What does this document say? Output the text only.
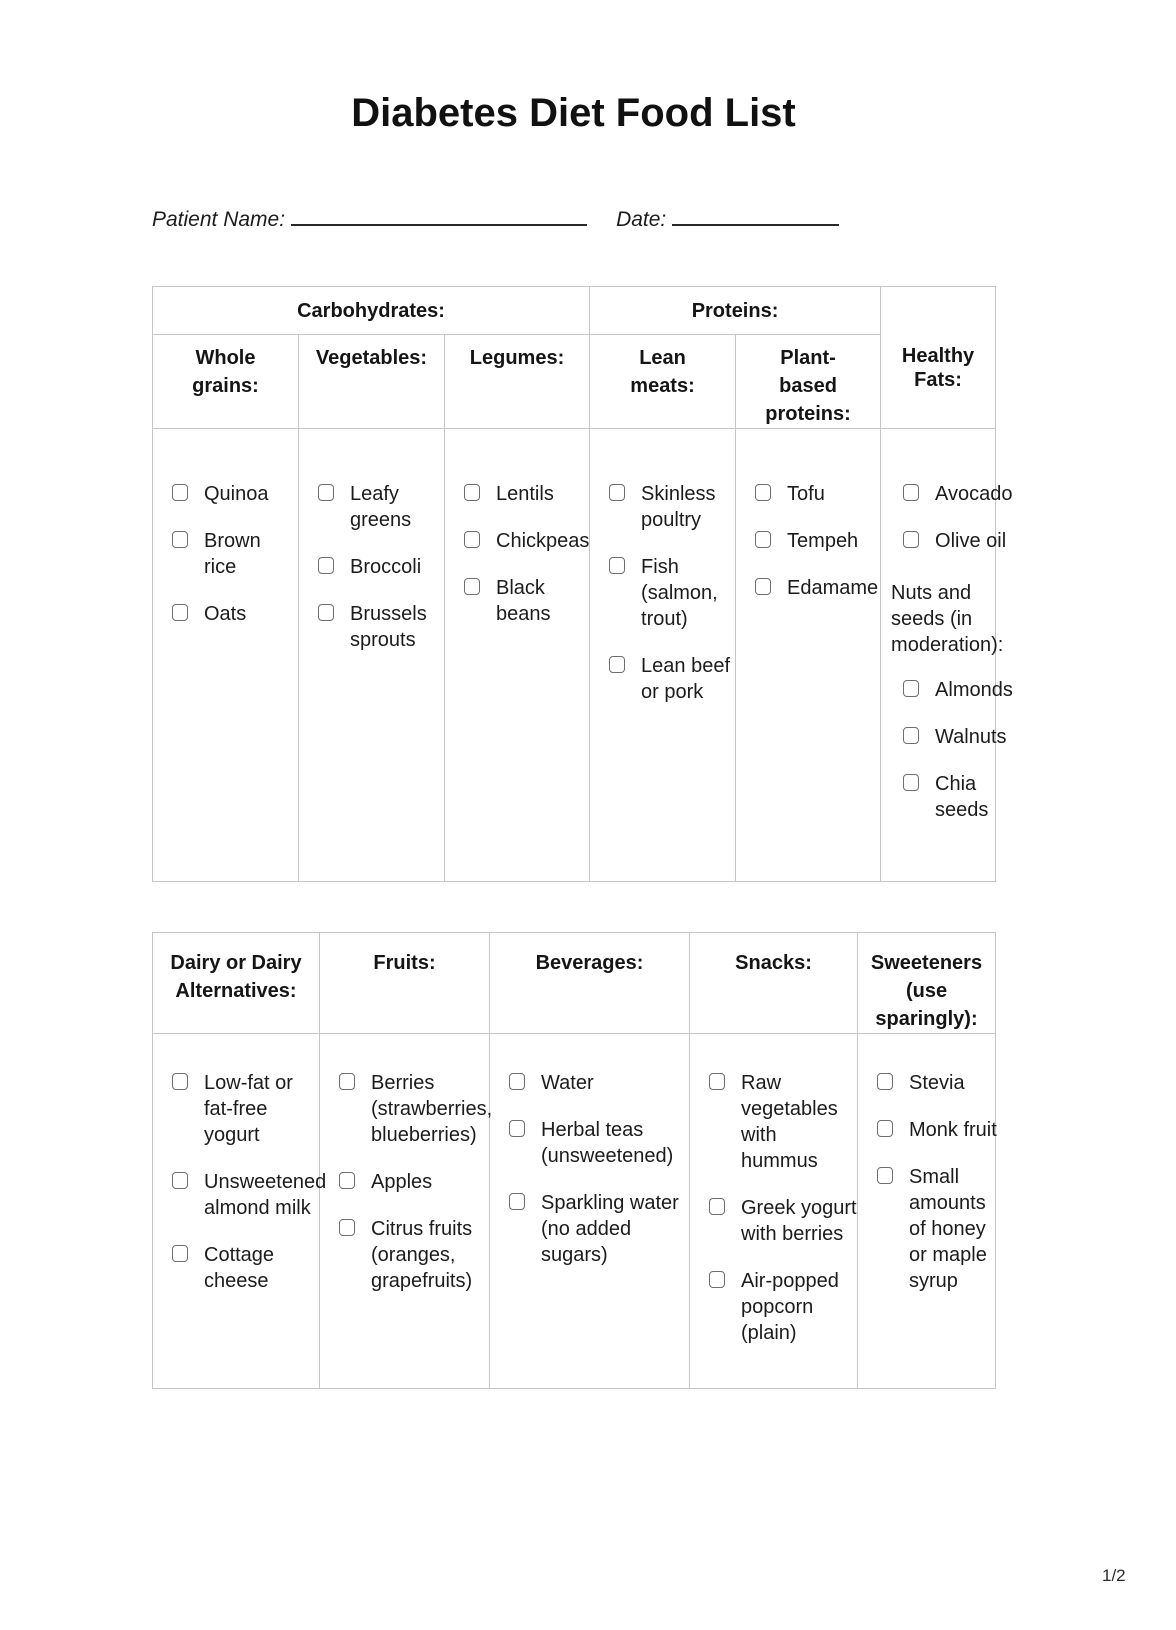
Diabetes Diet Food List
Patient Name:	Date:
Carbohydrates:			Proteins:		Healthy Fats:
Whole grains:	Vegetables:	Legumes:	Lean meats:	Plant-based proteins:	

Quinoa
Brown rice
Oats

Leafy greens
Broccoli
Brussels sprouts

Lentils
Chickpeas
Black beans

Skinless poultry
Fish (salmon, trout)
Lean beef or pork

Tofu
Tempeh
Edamame

Avocado
Olive oil
Nuts and seeds (in moderation):
Almonds
Walnuts
Chia seeds
Dairy or Dairy Alternatives:	Fruits:	Beverages:	Snacks:	Sweeteners (use sparingly):

Low-fat or fat-free yogurt
Unsweetened almond milk
Cottage cheese

Berries (strawberries, blueberries)
Apples
Citrus fruits (oranges, grapefruits)

Water
Herbal teas (unsweetened)
Sparkling water (no added sugars)

Raw vegetables with hummus
Greek yogurt with berries
Air-popped popcorn (plain)

Stevia
Monk fruit
Small amounts of honey or maple syrup
1/2
